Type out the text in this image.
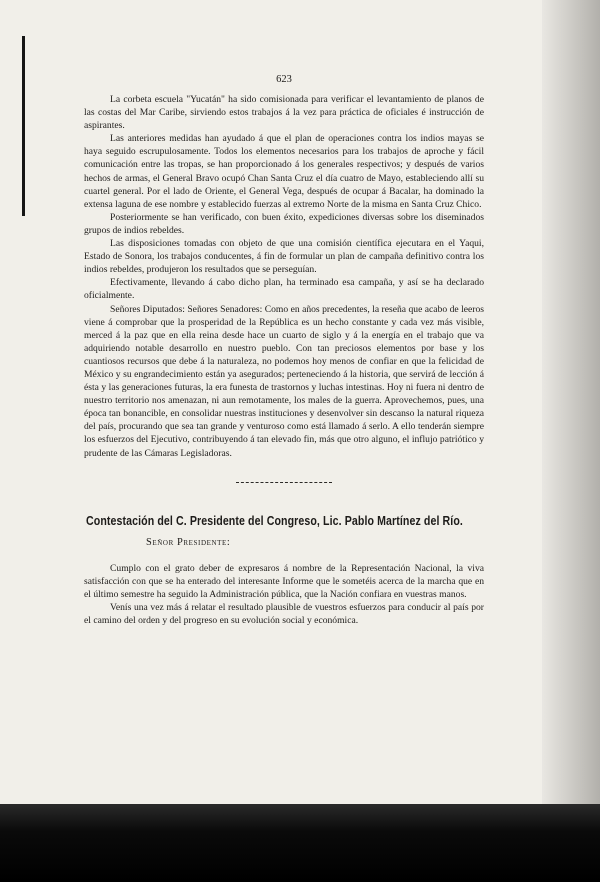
623

La corbeta escuela "Yucatán" ha sido comisionada para verificar el levantamiento de planos de las costas del Mar Caribe, sirviendo estos trabajos á la vez para práctica de oficiales é instrucción de aspirantes.

Las anteriores medidas han ayudado á que el plan de operaciones contra los indios mayas se haya seguido escrupulosamente. Todos los elementos necesarios para los trabajos de aproche y fácil comunicación entre las tropas, se han proporcionado á los generales respectivos; y después de varios hechos de armas, el General Bravo ocupó Chan Santa Cruz el día cuatro de Mayo, estableciendo allí su cuartel general. Por el lado de Oriente, el General Vega, después de ocupar á Bacalar, ha dominado la extensa laguna de ese nombre y establecido fuerzas al extremo Norte de la misma en Santa Cruz Chico.

Posteriormente se han verificado, con buen éxito, expediciones diversas sobre los diseminados grupos de indios rebeldes.

Las disposiciones tomadas con objeto de que una comisión científica ejecutara en el Yaqui, Estado de Sonora, los trabajos conducentes, á fin de formular un plan de campaña definitivo contra los indios rebeldes, produjeron los resultados que se perseguían.

Efectivamente, llevando á cabo dicho plan, ha terminado esa campaña, y así se ha declarado oficialmente.

Señores Diputados: Señores Senadores: Como en años precedentes, la reseña que acabo de leeros viene á comprobar que la prosperidad de la República es un hecho constante y cada vez más visible, merced á la paz que en ella reina desde hace un cuarto de siglo y á la energía en el trabajo que va adquiriendo notable desarrollo en nuestro pueblo. Con tan preciosos elementos por base y los cuantiosos recursos que debe á la naturaleza, no podemos hoy menos de confiar en que la felicidad de México y su engrandecimiento están ya asegurados; perteneciendo á la historia, que servirá de lección á ésta y las generaciones futuras, la era funesta de trastornos y luchas intestinas. Hoy ni fuera ni dentro de nuestro territorio nos amenazan, ni aun remotamente, los males de la guerra. Aprovechemos, pues, una época tan bonancible, en consolidar nuestras instituciones y desenvolver sin descanso la natural riqueza del país, procurando que sea tan grande y venturoso como está llamado á serlo. A ello tenderán siempre los esfuerzos del Ejecutivo, contribuyendo á tan elevado fin, más que otro alguno, el influjo patriótico y prudente de las Cámaras Legisladoras.

Contestación del C. Presidente del Congreso, Lic. Pablo Martínez del Río.
Señor Presidente:

Cumplo con el grato deber de expresaros á nombre de la Representación Nacional, la viva satisfacción con que se ha enterado del interesante Informe que le sometéis acerca de la marcha que en el último semestre ha seguido la Administración pública, que la Nación confiara en vuestras manos.

Venís una vez más á relatar el resultado plausible de vuestros esfuerzos para conducir al país por el camino del orden y del progreso en su evolución social y económica.
